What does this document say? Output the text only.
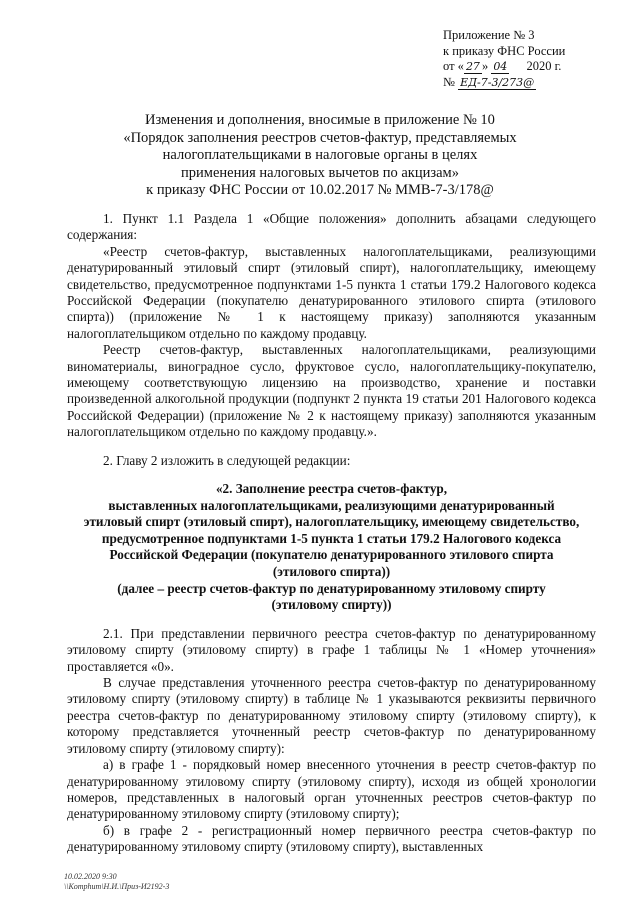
Приложение № 3
к приказу ФНС России
от « 27 » 04 2020 г.
№ ЕД-7-3/273@
Изменения и дополнения, вносимые в приложение № 10
«Порядок заполнения реестров счетов-фактур, представляемых
налогоплательщиками в налоговые органы в целях
применения налоговых вычетов по акцизам»
к приказу ФНС России от 10.02.2017 № ММВ-7-3/178@

1. Пункт 1.1 Раздела 1 «Общие положения» дополнить абзацами следующего содержания:

«Реестр счетов-фактур, выставленных налогоплательщиками, реализующими денатурированный этиловый спирт (этиловый спирт), налогоплательщику, имеющему свидетельство, предусмотренное подпунктами 1-5 пункта 1 статьи 179.2 Налогового кодекса Российской Федерации (покупателю денатурированного этилового спирта (этилового спирта)) (приложение № 1 к настоящему приказу) заполняются указанным налогоплательщиком отдельно по каждому продавцу.

Реестр счетов-фактур, выставленных налогоплательщиками, реализующими виноматериалы, виноградное сусло, фруктовое сусло, налогоплательщику-покупателю, имеющему соответствующую лицензию на производство, хранение и поставки произведенной алкогольной продукции (подпункт 2 пункта 19 статьи 201 Налогового кодекса Российской Федерации) (приложение № 2 к настоящему приказу) заполняются указанным налогоплательщиком отдельно по каждому продавцу.».

2. Главу 2 изложить в следующей редакции:

«2. Заполнение реестра счетов-фактур,
выставленных налогоплательщиками, реализующими денатурированный
этиловый спирт (этиловый спирт), налогоплательщику, имеющему свидетельство,
предусмотренное подпунктами 1-5 пункта 1 статьи 179.2 Налогового кодекса
Российской Федерации (покупателю денатурированного этилового спирта
(этилового спирта))
(далее – реестр счетов-фактур по денатурированному этиловому спирту
(этиловому спирту))

2.1. При представлении первичного реестра счетов-фактур по денатурированному этиловому спирту (этиловому спирту) в графе 1 таблицы № 1 «Номер уточнения» проставляется «0».

В случае представления уточненного реестра счетов-фактур по денатурированному этиловому спирту (этиловому спирту) в таблице № 1 указываются реквизиты первичного реестра счетов-фактур по денатурированному этиловому спирту (этиловому спирту), к которому представляется уточненный реестр счетов-фактур по денатурированному этиловому спирту (этиловому спирту):

а) в графе 1 - порядковый номер внесенного уточнения в реестр счетов-фактур по денатурированному этиловому спирту (этиловому спирту), исходя из общей хронологии номеров, представленных в налоговый орган уточненных реестров счетов-фактур по денатурированному этиловому спирту (этиловому спирту);

б) в графе 2 - регистрационный номер первичного реестра счетов-фактур по денатурированному этиловому спирту (этиловому спирту), выставленных

10.02.2020 9:30
\\Komphum\Н.И.\Приз-И2192-3
